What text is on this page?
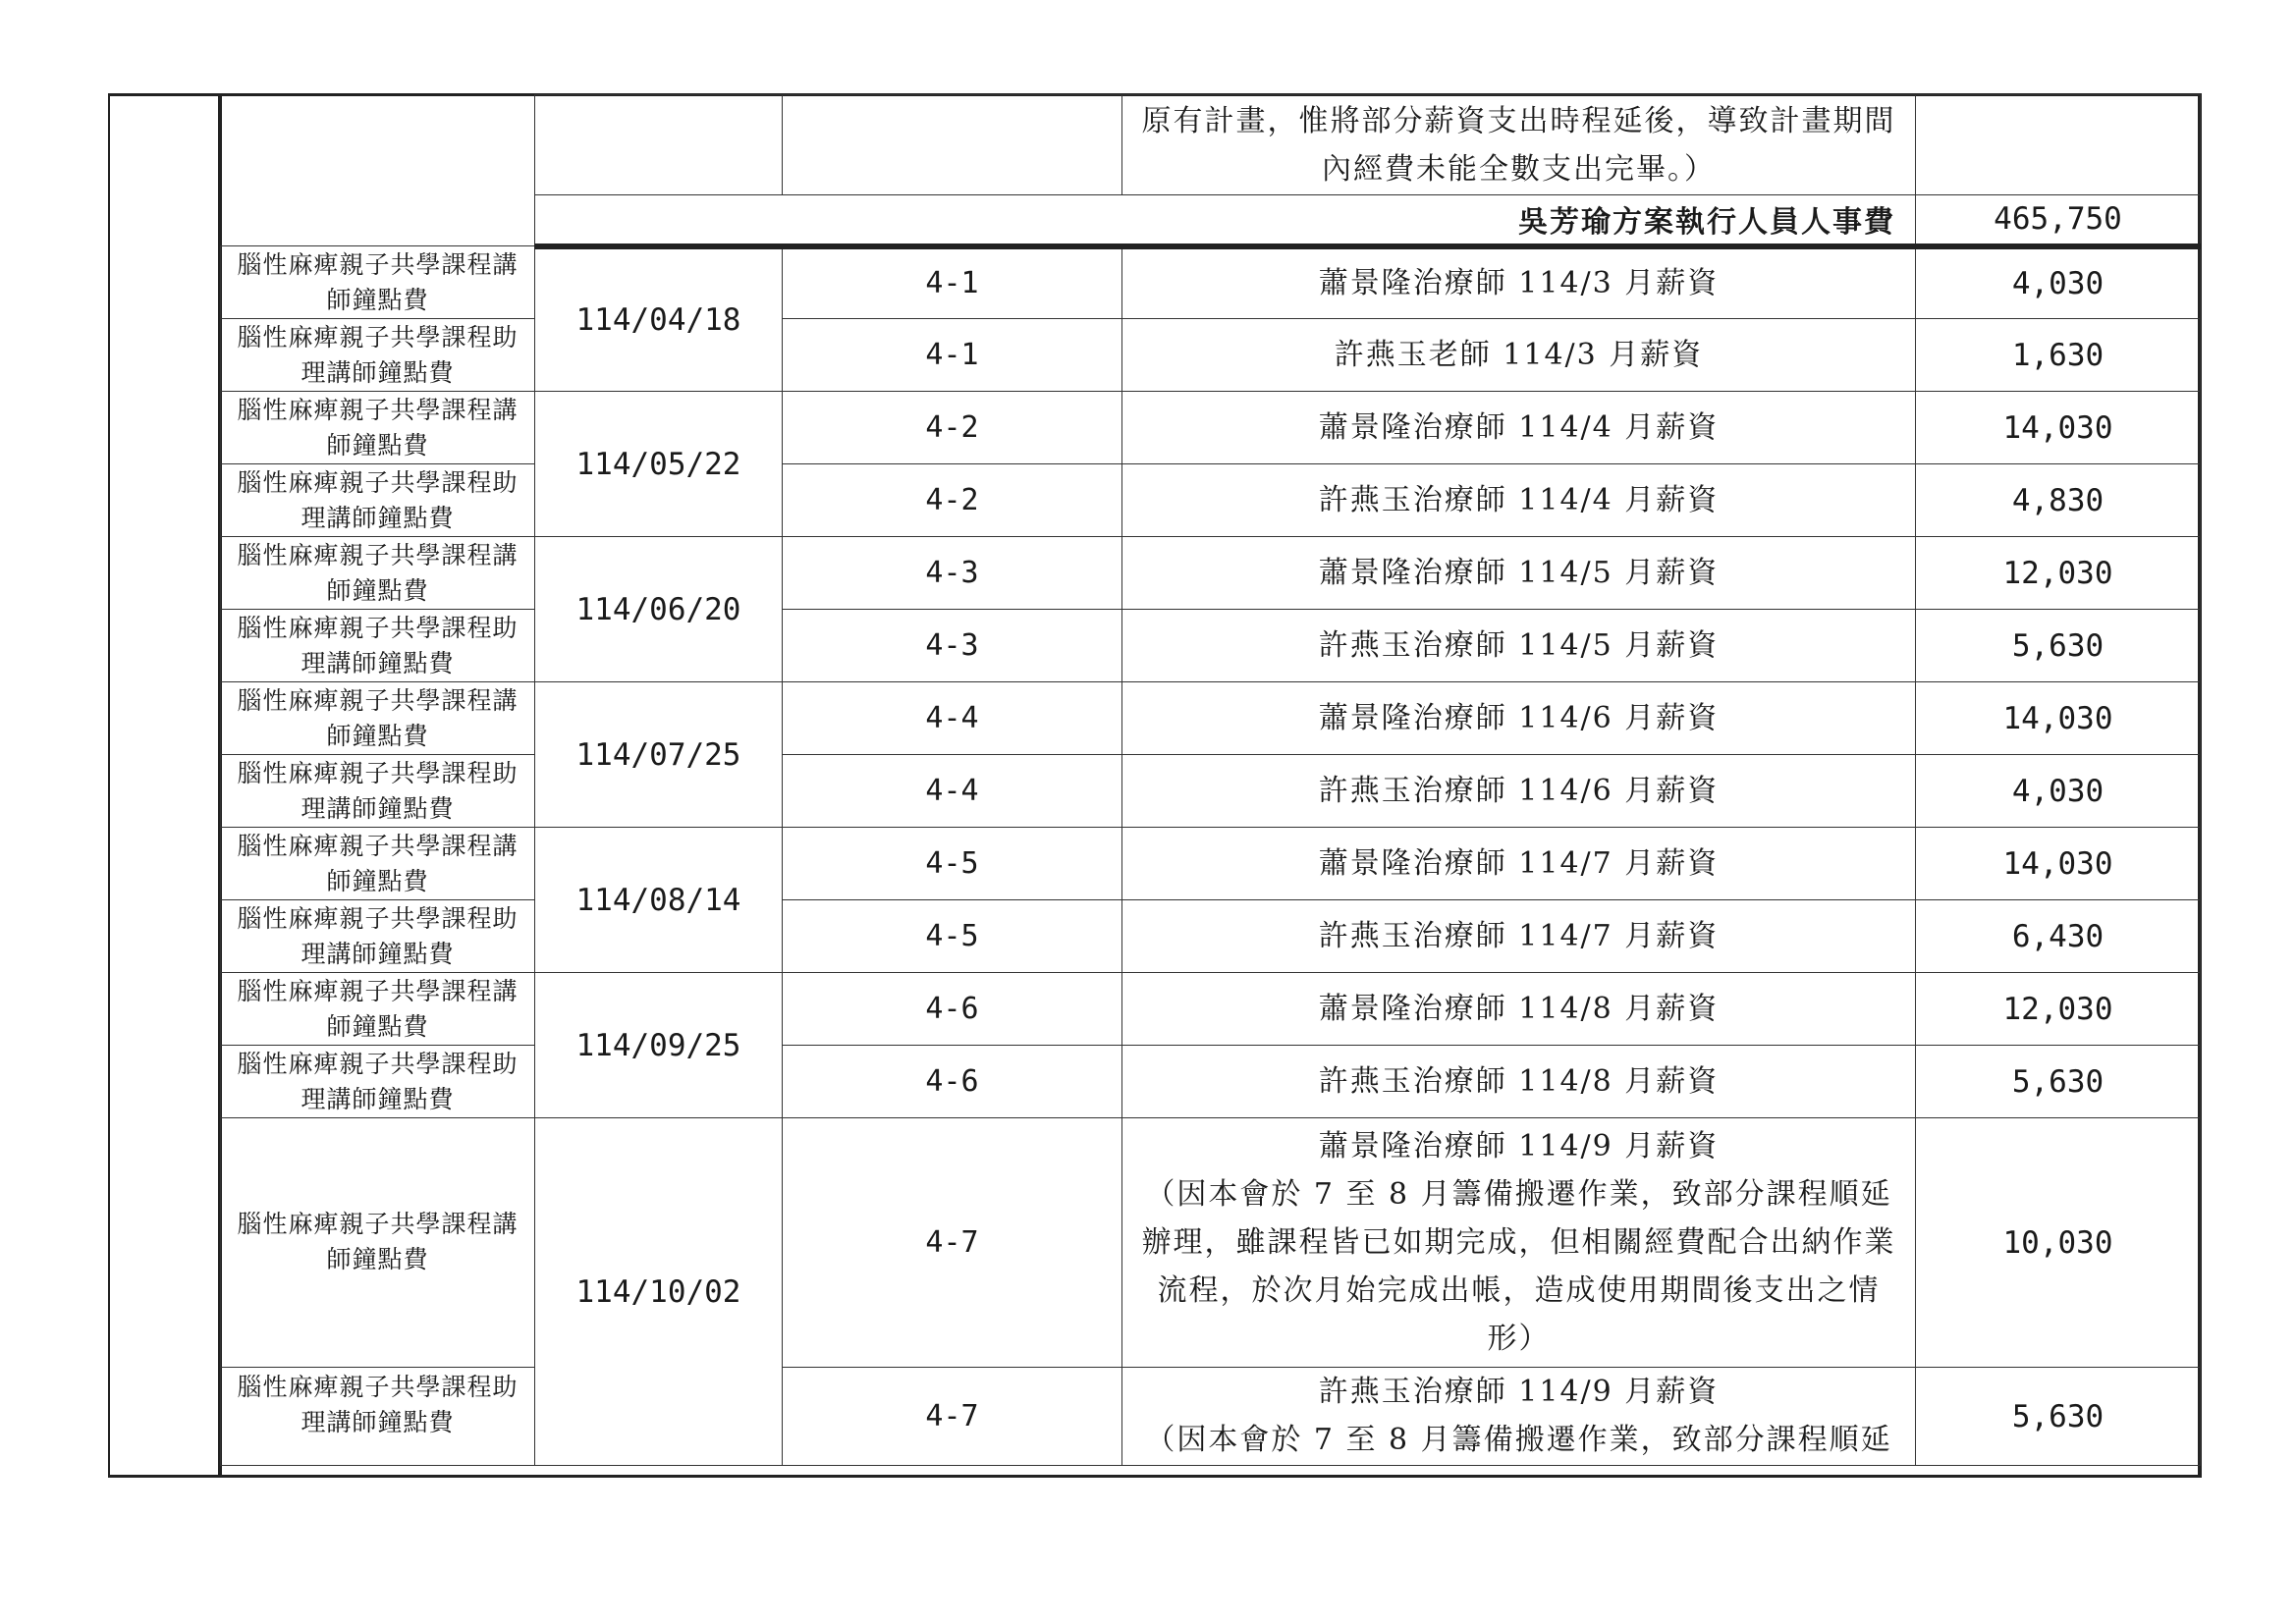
			原有計畫，惟將部分薪資支出時程延後，導致計畫期間內經費未能全數支出完畢。）	

	吳芳瑜方案執行人員人事費			465,750

腦性麻痺親子共學課程講師鐘點費	114/04/18	4-1	蕭景隆治療師 114/3 月薪資	4,030

腦性麻痺親子共學課程助理講師鐘點費		4-1	許燕玉老師 114/3 月薪資	1,630

腦性麻痺親子共學課程講師鐘點費	114/05/22	4-2	蕭景隆治療師 114/4 月薪資	14,030

腦性麻痺親子共學課程助理講師鐘點費		4-2	許燕玉治療師 114/4 月薪資	4,830

腦性麻痺親子共學課程講師鐘點費	114/06/20	4-3	蕭景隆治療師 114/5 月薪資	12,030

腦性麻痺親子共學課程助理講師鐘點費		4-3	許燕玉治療師 114/5 月薪資	5,630

腦性麻痺親子共學課程講師鐘點費	114/07/25	4-4	蕭景隆治療師 114/6 月薪資	14,030

腦性麻痺親子共學課程助理講師鐘點費		4-4	許燕玉治療師 114/6 月薪資	4,030

腦性麻痺親子共學課程講師鐘點費	114/08/14	4-5	蕭景隆治療師 114/7 月薪資	14,030

腦性麻痺親子共學課程助理講師鐘點費		4-5	許燕玉治療師 114/7 月薪資	6,430

腦性麻痺親子共學課程講師鐘點費	114/09/25	4-6	蕭景隆治療師 114/8 月薪資	12,030

腦性麻痺親子共學課程助理講師鐘點費		4-6	許燕玉治療師 114/8 月薪資	5,630

腦性麻痺親子共學課程講師鐘點費	114/10/02	4-7	蕭景隆治療師 114/9 月薪資
（因本會於 7 至 8 月籌備搬遷作業，致部分課程順延辦理，雖課程皆已如期完成，但相關經費配合出納作業流程，於次月始完成出帳，造成使用期間後支出之情形）	10,030

腦性麻痺親子共學課程助理講師鐘點費		4-7	許燕玉治療師 114/9 月薪資
（因本會於 7 至 8 月籌備搬遷作業，致部分課程順延	5,630
